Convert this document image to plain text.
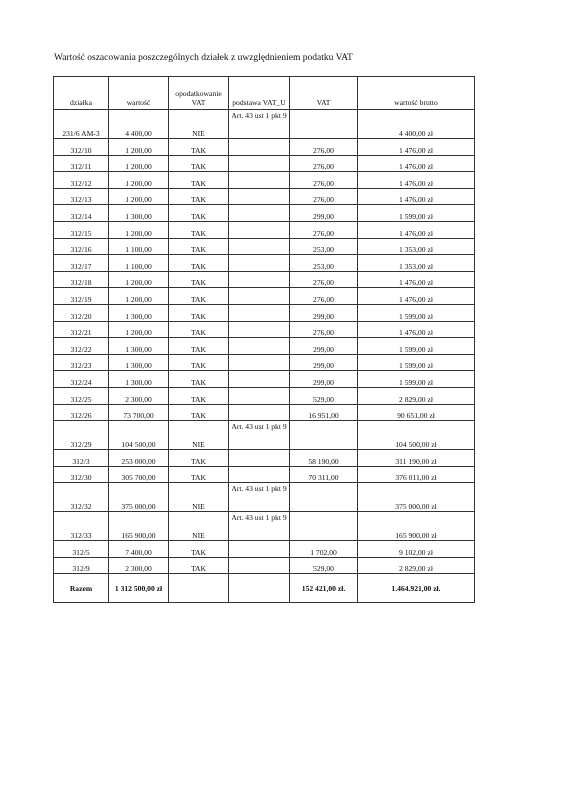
Wartość oszacowania poszczególnych działek z uwzględnieniem podatku VAT
działka	wartość	opodatkowanie VAT	podstawa VAT_U	VAT	wartość brutto
231/6 AM-3	4 400,00	NIE	Art. 43 ust 1 pkt 9		4 400,00 zł
312/10	1 200,00	TAK		276,00	1 476,00 zł
312/11	1 200,00	TAK		276,00	1 476,00 zł
312/12	1 200,00	TAK		276,00	1 476,00 zł
312/13	1 200,00	TAK		276,00	1 476,00 zł
312/14	1 300,00	TAK		299,00	1 599,00 zł
312/15	1 200,00	TAK		276,00	1 476,00 zł
312/16	1 100,00	TAK		253,00	1 353,00 zł
312/17	1 100,00	TAK		253,00	1 353,00 zł
312/18	1 200,00	TAK		276,00	1 476,00 zł
312/19	1 200,00	TAK		276,00	1 476,00 zł
312/20	1 300,00	TAK		299,00	1 599,00 zł
312/21	1 200,00	TAK		276,00	1 476,00 zł
312/22	1 300,00	TAK		299,00	1 599,00 zł
312/23	1 300,00	TAK		299,00	1 599,00 zł
312/24	1 300,00	TAK		299,00	1 599,00 zł
312/25	2 300,00	TAK		529,00	2 829,00 zł
312/26	73 700,00	TAK		16 951,00	90 651,00 zł
312/29	104 500,00	NIE	Art. 43 ust 1 pkt 9		104 500,00 zł
312/3	253 000,00	TAK		58 190,00	311 190,00 zł
312/30	305 700,00	TAK		70 311,00	376 011,00 zł
312/32	375 000,00	NIE	Art. 43 ust 1 pkt 9		375 000,00 zł
312/33	165 900,00	NIE	Art. 43 ust 1 pkt 9		165 900,00 zł
312/5	7 400,00	TAK		1 702,00	9 102,00 zł
312/9	2 300,00	TAK		529,00	2 829,00 zł
Razem	1 312 500,00 zł			152 421,00 zł.	1.464.921,00 zł.
